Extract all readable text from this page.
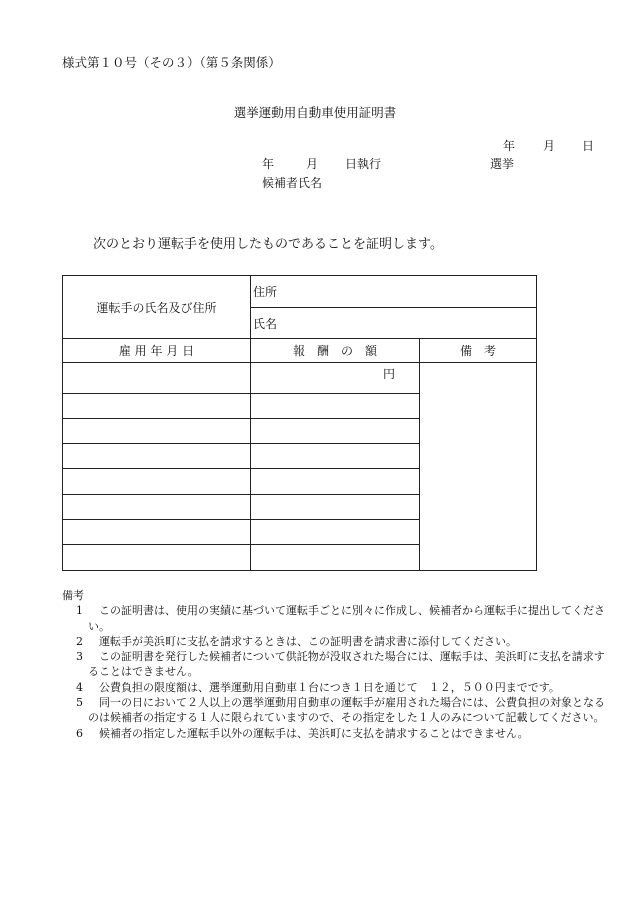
様式第１０号（その３）（第５条関係）
選挙運動用自動車使用証明書
年 月 日
年	月 日執行	選挙
候補者氏名
次のとおり運転手を使用したものであることを証明します。
運転手の氏名及び住所	住所	
	氏名	
雇 用 年 月 日	報　酬　の　額	備　考
	円	

備考
1　 この証明書は、使用の実績に基づいて運転手ごとに別々に作成し、候補者から運転手に提出してください。
2　 運転手が美浜町に支払を請求するときは、この証明書を請求書に添付してください。
3　 この証明書を発行した候補者について供託物が没収された場合には、運転手は、美浜町に支払を請求することはできません。
4　 公費負担の限度額は、選挙運動用自動車１台につき１日を通じて　１２，５００円までです。
5　 同一の日において２人以上の選挙運動用自動車の運転手が雇用された場合には、公費負担の対象となるのは候補者の指定する１人に限られていますので、その指定をした１人のみについて記載してください。
6　 候補者の指定した運転手以外の運転手は、美浜町に支払を請求することはできません。
